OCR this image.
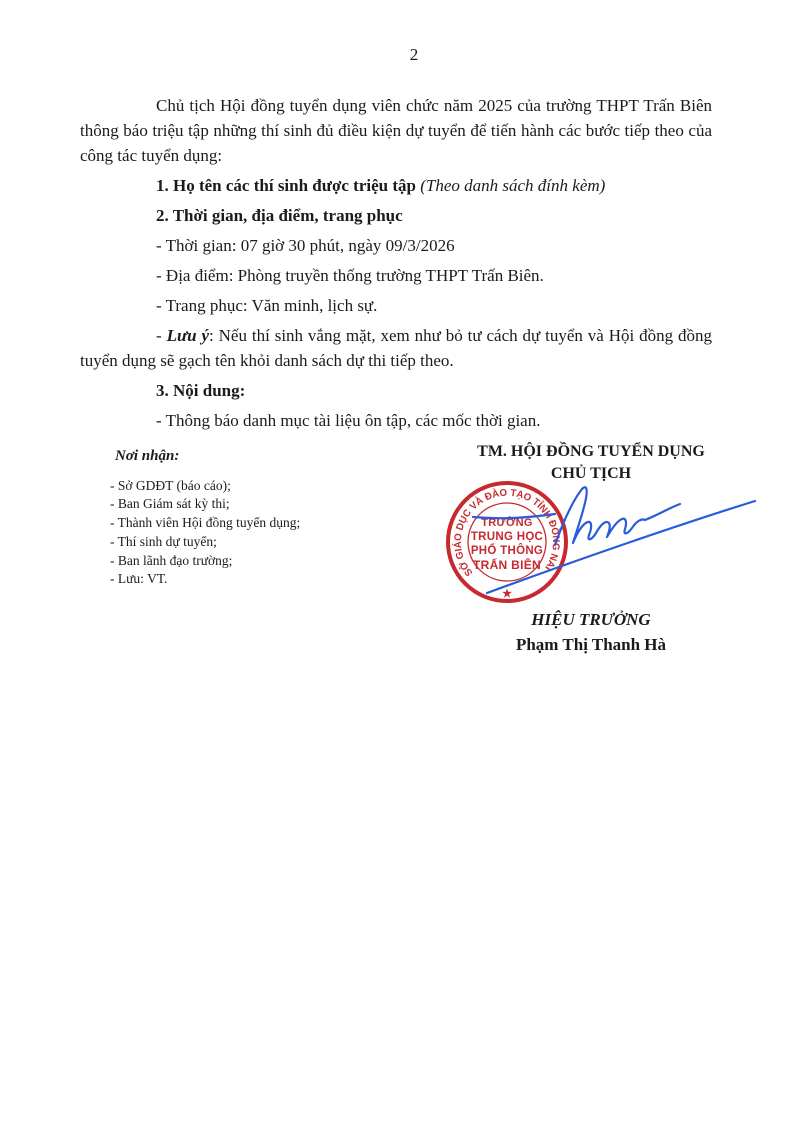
2

Chủ tịch Hội đồng tuyển dụng viên chức năm 2025 của trường THPT Trấn Biên thông báo triệu tập những thí sinh đủ điều kiện dự tuyển để tiến hành các bước tiếp theo của công tác tuyển dụng:

1. Họ tên các thí sinh được triệu tập (Theo danh sách đính kèm)

2. Thời gian, địa điểm, trang phục

- Thời gian: 07 giờ 30 phút, ngày 09/3/2026

- Địa điểm: Phòng truyền thống trường THPT Trấn Biên.

- Trang phục: Văn minh, lịch sự.

- Lưu ý: Nếu thí sinh vắng mặt, xem như bỏ tư cách dự tuyển và Hội đồng đồng tuyển dụng sẽ gạch tên khỏi danh sách dự thi tiếp theo.

3. Nội dung:

- Thông báo danh mục tài liệu ôn tập, các mốc thời gian.

Nơi nhận:
- Sở GDĐT (báo cáo);
- Ban Giám sát kỳ thi;
- Thành viên Hội đồng tuyển dụng;
- Thí sinh dự tuyển;
- Ban lãnh đạo trường;
- Lưu: VT.
TM. HỘI ĐỒNG TUYỂN DỤNG
CHỦ TỊCH
HIỆU TRƯỞNG
Phạm Thị Thanh Hà
SỞ GIÁO DỤC VÀ ĐÀO TẠO TỈNH ĐỒNG NAI
★
TRƯỜNG
TRUNG HỌC
PHỔ THÔNG
TRẤN BIÊN
